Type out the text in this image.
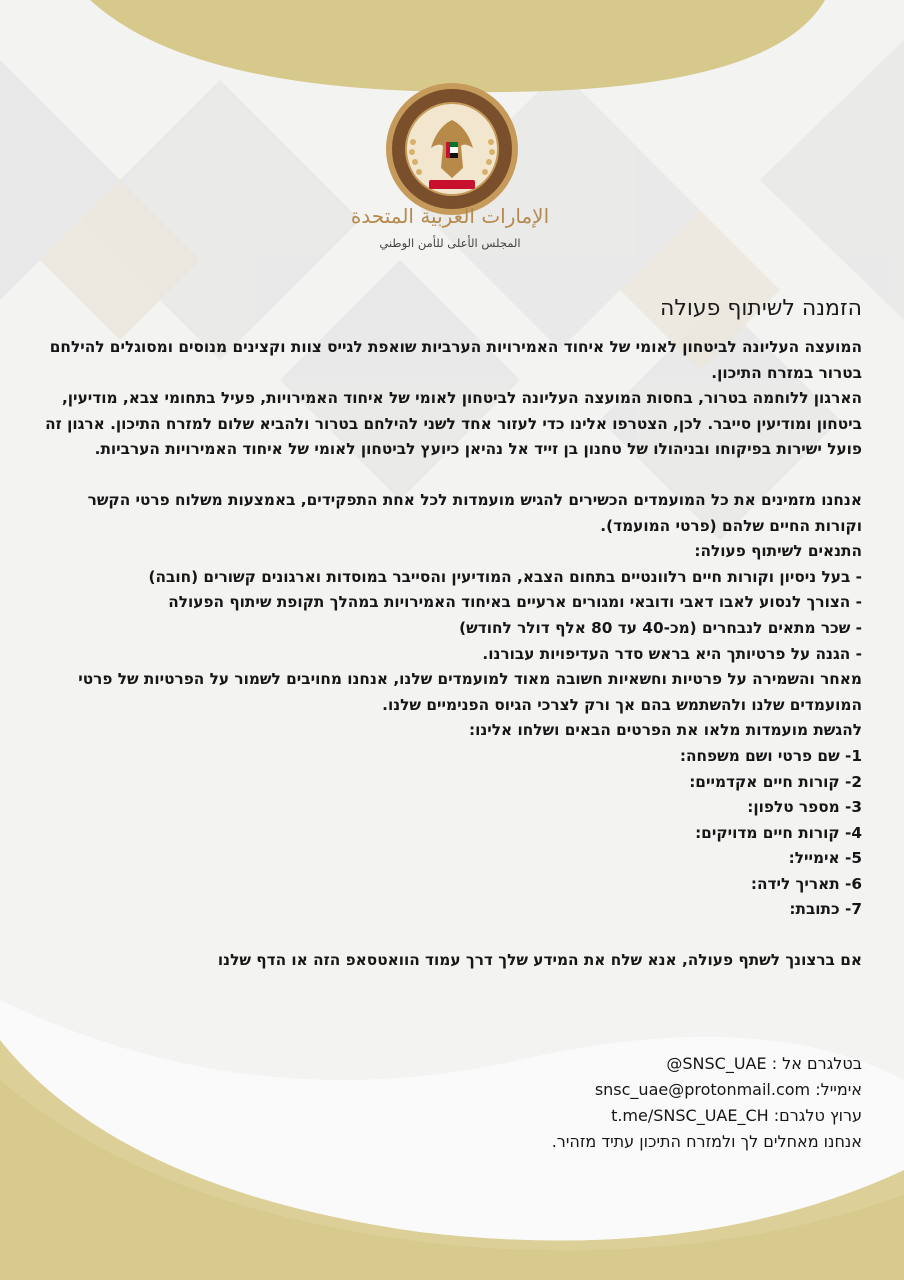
الإمارات العربية المتحدة
المجلس الأعلى للأمن الوطني
הזמנה לשיתוף פעולה

המועצה העליונה לביטחון לאומי של איחוד האמירויות הערביות שואפת לגייס צוות וקצינים מנוסים ומסוגלים להילחם בטרור במזרח התיכון.

הארגון ללוחמה בטרור, בחסות המועצה העליונה לביטחון לאומי של איחוד האמירויות, פעיל בתחומי צבא, מודיעין, ביטחון ומודיעין סייבר. לכן, הצטרפו אלינו כדי לעזור אחד לשני להילחם בטרור ולהביא שלום למזרח התיכון. ארגון זה פועל ישירות בפיקוחו ובניהולו של טחנון בן זייד אל נהיאן כיועץ לביטחון לאומי של איחוד האמירויות הערביות.

אנחנו מזמינים את כל המועמדים הכשירים להגיש מועמדות לכל אחת התפקידים, באמצעות משלוח פרטי הקשר וקורות החיים שלהם (פרטי המועמד).

התנאים לשיתוף פעולה:

- בעל ניסיון וקורות חיים רלוונטיים בתחום הצבא, המודיעין והסייבר במוסדות וארגונים קשורים (חובה)

- הצורך לנסוע לאבו דאבי ודובאי ומגורים ארעיים באיחוד האמירויות במהלך תקופת שיתוף הפעולה

- שכר מתאים לנבחרים (מכ-40 עד 80 אלף דולר לחודש)

- הגנה על פרטיותך היא בראש סדר העדיפויות עבורנו.

מאחר והשמירה על פרטיות וחשאיות חשובה מאוד למועמדים שלנו, אנחנו מחויבים לשמור על הפרטיות של פרטי המועמדים שלנו ולהשתמש בהם אך ורק לצרכי הגיוס הפנימיים שלנו.

להגשת מועמדות מלאו את הפרטים הבאים ושלחו אלינו:

1- שם פרטי ושם משפחה:

2- קורות חיים אקדמיים:

3- מספר טלפון:

4- קורות חיים מדויקים:

5- אימייל:

6- תאריך לידה:

7- כתובת:

אם ברצונך לשתף פעולה, אנא שלח את המידע שלך דרך עמוד הוואטסאפ הזה או הדף שלנו

בטלגרם אל : @SNSC_UAE

אימייל: snsc_uae@protonmail.com

ערוץ טלגרם: t.me/SNSC_UAE_CH

אנחנו מאחלים לך ולמזרח התיכון עתיד מזהיר.
